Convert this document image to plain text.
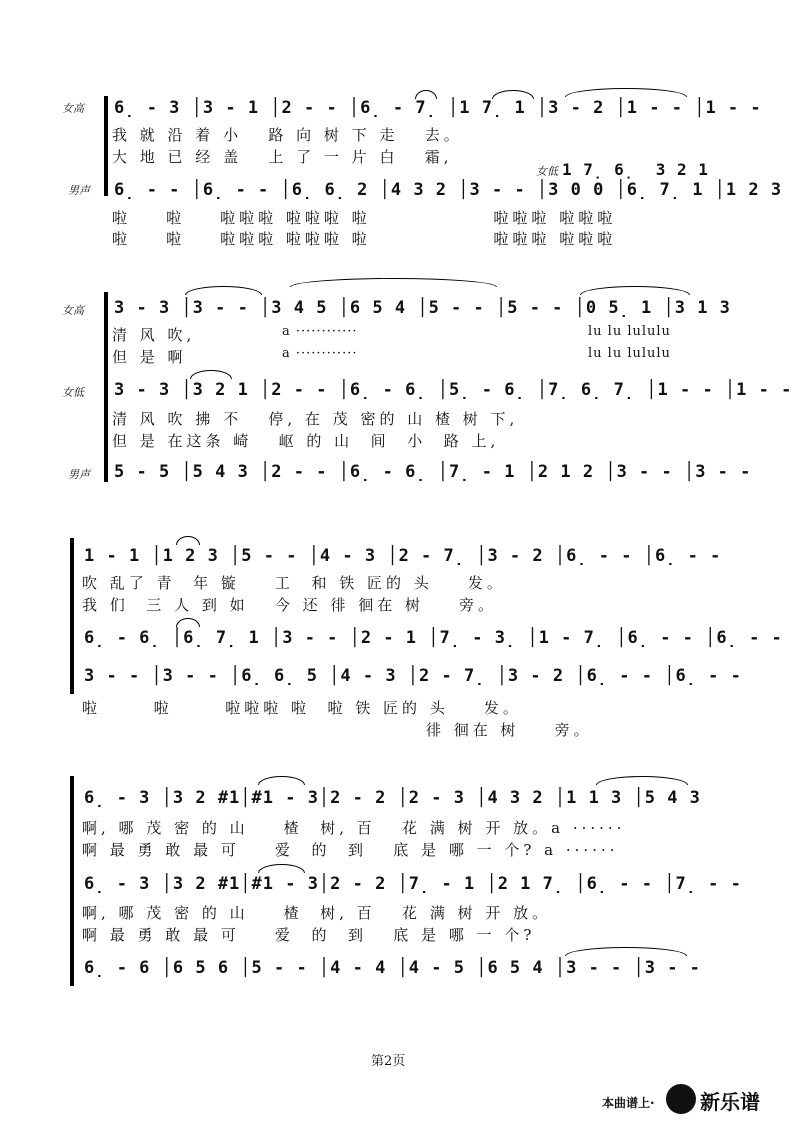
女高 6̣ - 3 │3 - 1 │2 - - │6̣ - 7̣ │1 7̣ 1 │3 - 2 │1 - - │1 - -
我 就 沿 着 小   路 向 树 下 走   去。
大 地 已 经 盖   上 了 一 片 白   霜,
女低 1 7̣ 6̣  3 2 1
男声 6̣ - - │6̣ - - │6̣ 6̣ 2 │4 3 2 │3 - - │3 0 0 │6̣ 7̣ 1 │1 2 3
啦    啦    啦啦啦 啦啦啦 啦              啦啦啦 啦啦啦
啦    啦    啦啦啦 啦啦啦 啦              啦啦啦 啦啦啦
女高 3 - 3 │3 - - │3 4 5 │6 5 4 │5 - - │5 - - │0 5̣ 1 │3 1 3
清 风 吹,	a ············	lu lu lululu
但 是 啊	a ············	lu lu lululu
女低 3 - 3 │3 2 1 │2 - - │6̣ - 6̣ │5̣ - 6̣ │7̣ 6̣ 7̣ │1 - - │1 - -
清 风 吹 拂 不   停, 在 茂 密的 山 楂 树 下,
但 是 在这条 崎   岖 的 山  间  小  路 上,
男声 5 - 5 │5 4 3 │2 - - │6̣ - 6̣ │7̣ - 1 │2 1 2 │3 - - │3 - -
1 - 1 │1 2 3 │5 - - │4 - 3 │2 - 7̣ │3 - 2 │6̣ - - │6̣ - -
吹 乱了 青  年 镟    工  和 铁 匠的 头    发。
我 们  三 人 到 如   今 还 徘 徊在 树    旁。
6̣ - 6̣ │6̣ 7̣ 1 │3 - - │2 - 1 │7̣ - 3̣ │1 - 7̣ │6̣ - - │6̣ - -
3 - - │3 - - │6̣ 6̣ 5 │4 - 3 │2 - 7̣ │3 - 2 │6̣ - - │6̣ - -
啦      啦      啦啦啦 啦  啦 铁 匠的 头    发。
徘 徊在 树    旁。
6̣ - 3 │3 2 #1│#1 - 3│2 - 2 │2 - 3 │4 3 2 │1 1 3 │5 4 3
啊, 哪 茂 密 的 山    楂  树, 百   花 满 树 开 放。a ······
啊 最 勇 敢 最 可    爱  的  到   底 是 哪 一 个? a ······
6̣ - 3 │3 2 #1│#1 - 3│2 - 2 │7̣ - 1 │2 1 7̣ │6̣ - - │7̣ - -
啊, 哪 茂 密 的 山    楂  树, 百   花 满 树 开 放。
啊 最 勇 敢 最 可    爱  的  到   底 是 哪 一 个?
6̣ - 6 │6 5 6 │5 - - │4 - 4 │4 - 5 │6 5 4 │3 - - │3 - -
第2页
本曲谱上· 新乐谱
